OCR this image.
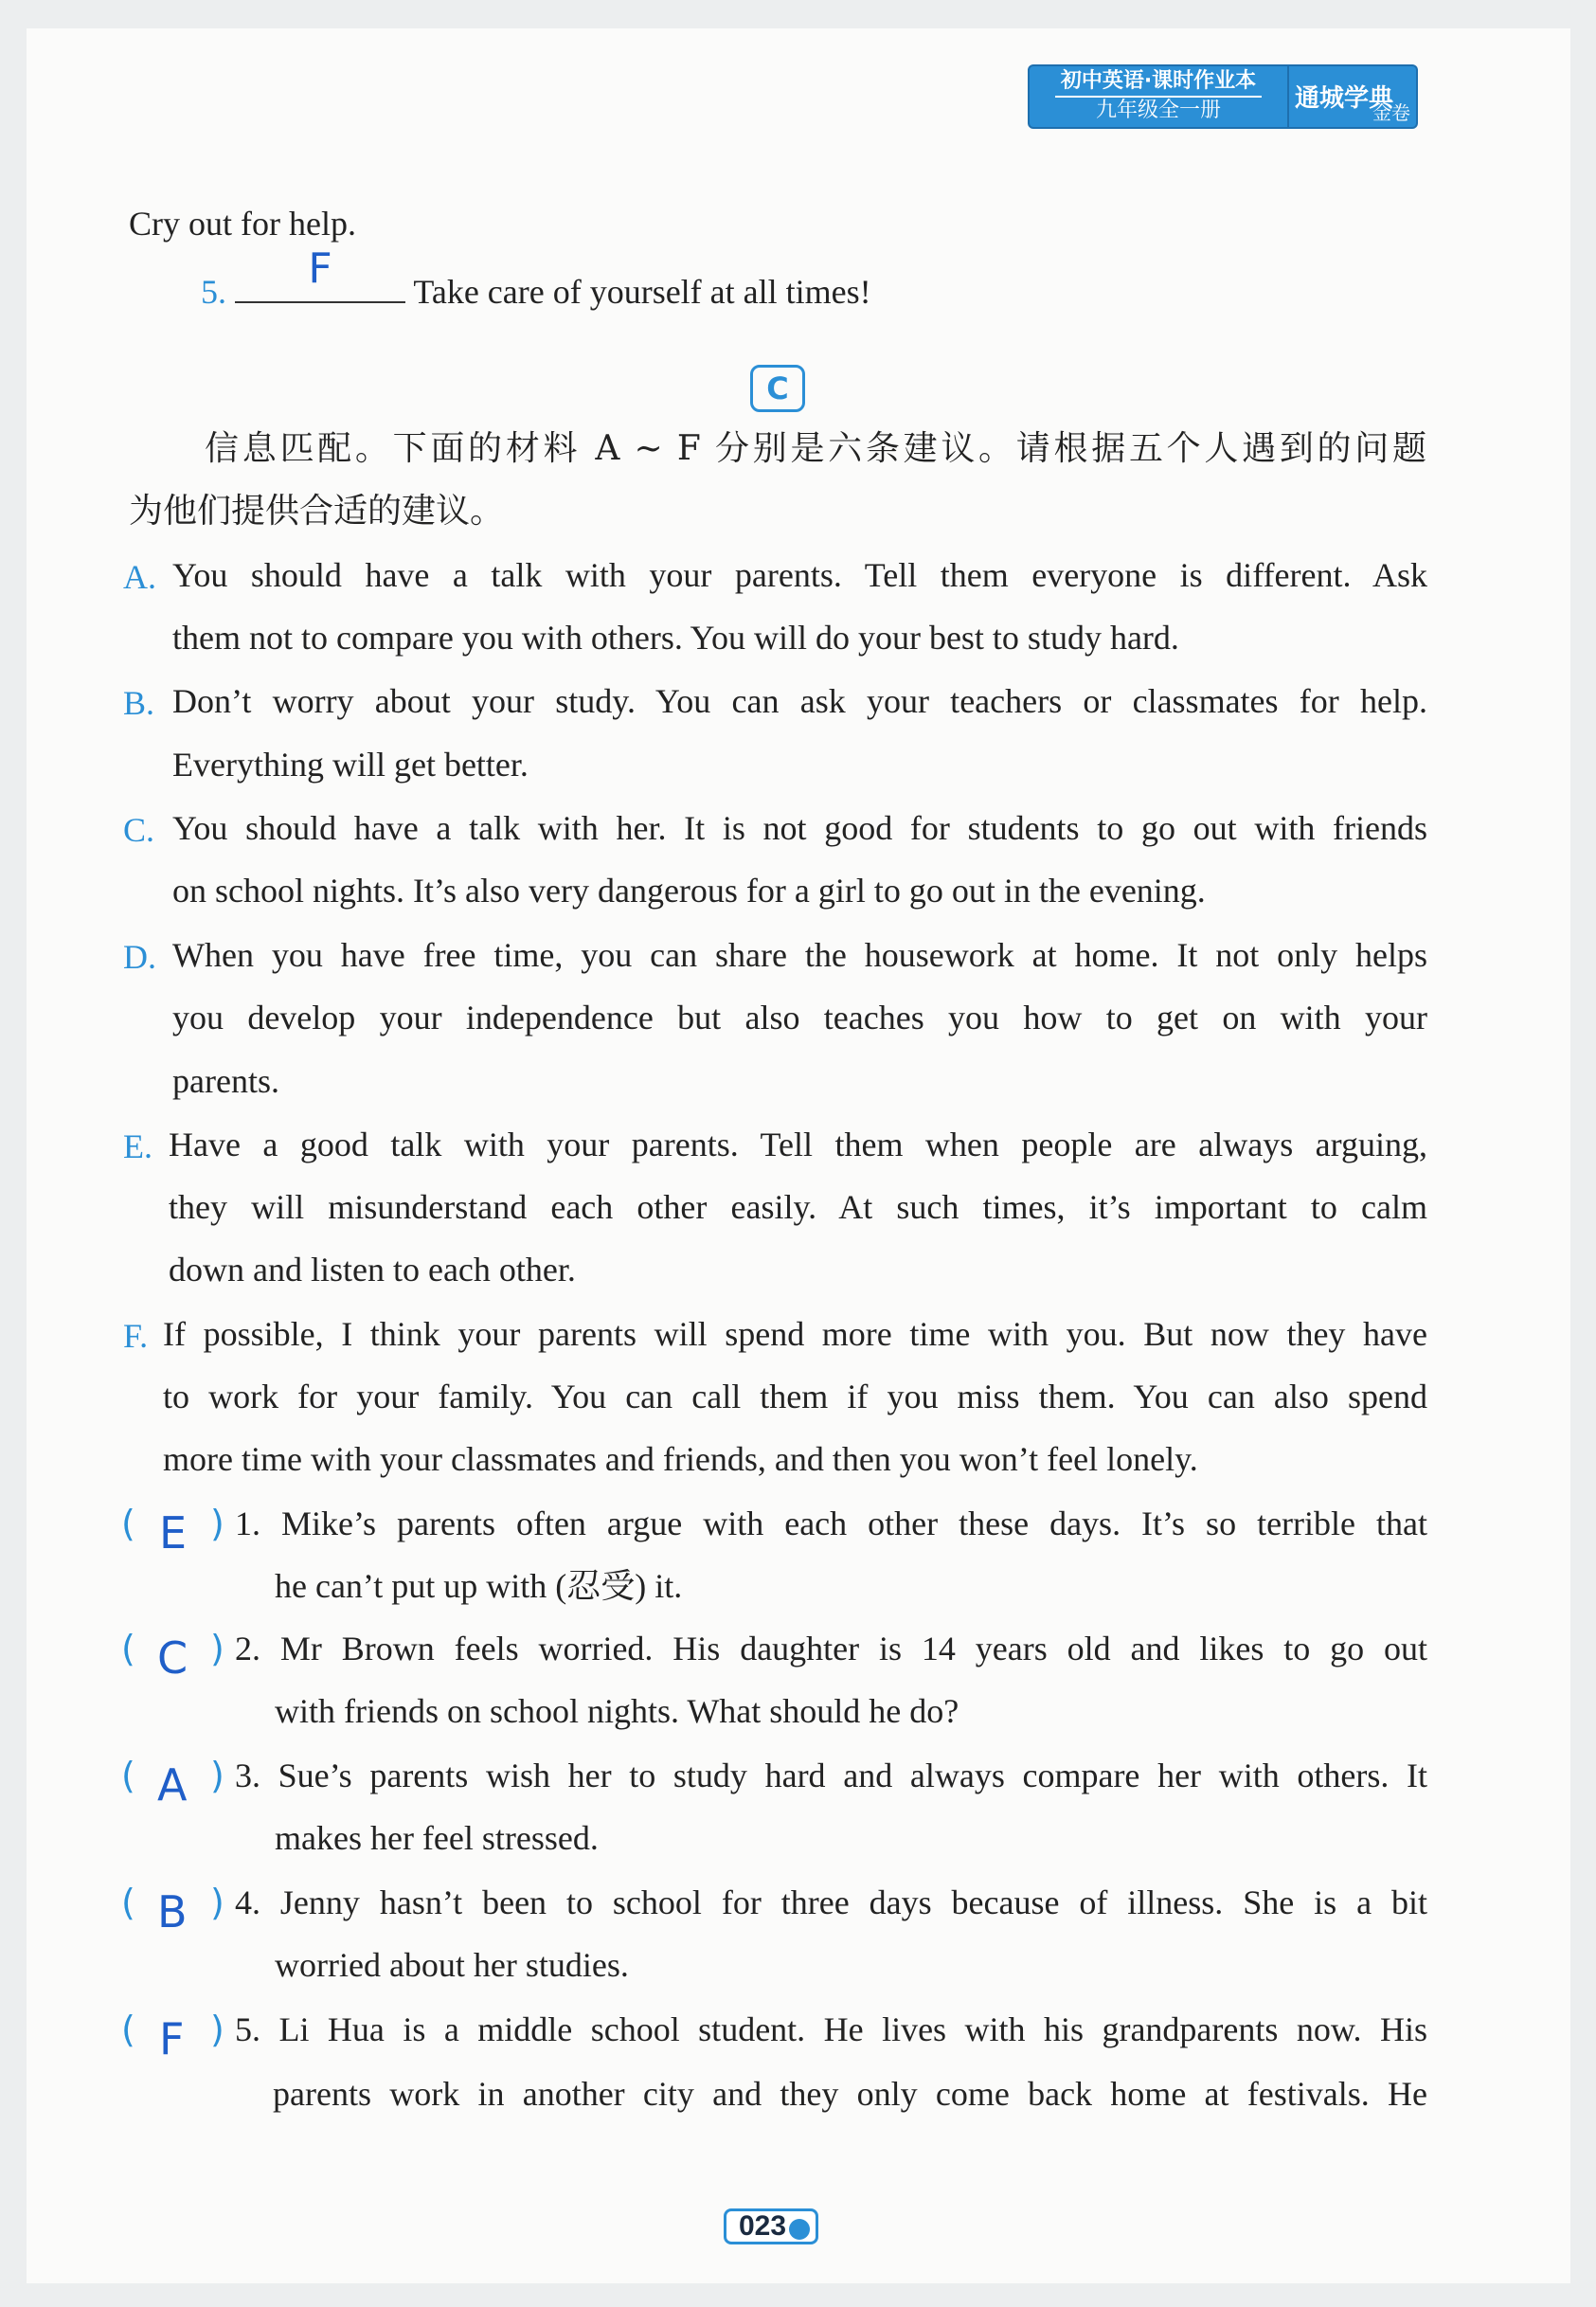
初中英语·课时作业本
九年级全一册	通城学典
金卷
Cry out for help.
5.	F	Take care of yourself at all times!
C
信息匹配。下面的材料 A ~ F 分别是六条建议。请根据五个人遇到的问题
为他们提供合适的建议。
A. You should have a talk with your parents. Tell them everyone is different. Ask
them not to compare you with others. You will do your best to study hard.
B. Don’t worry about your study. You can ask your teachers or classmates for help.
Everything will get better.
C. You should have a talk with her. It is not good for students to go out with friends
on school nights. It’s also very dangerous for a girl to go out in the evening.
D. When you have free time, you can share the housework at home. It not only helps
you develop your independence but also teaches you how to get on with your
parents.
E. Have a good talk with your parents. Tell them when people are always arguing,
they will misunderstand each other easily. At such times, it’s important to calm
down and listen to each other.
F. If possible, I think your parents will spend more time with you. But now they have
to work for your family. You can call them if you miss them. You can also spend
more time with your classmates and friends, and then you won’t feel lonely.
( E ) 1. Mike’s parents often argue with each other these days. It’s so terrible that
he can’t put up with (忍受) it.
( C ) 2. Mr Brown feels worried. His daughter is 14 years old and likes to go out
with friends on school nights. What should he do?
( A ) 3. Sue’s parents wish her to study hard and always compare her with others. It
makes her feel stressed.
( B ) 4. Jenny hasn’t been to school for three days because of illness. She is a bit
worried about her studies.
( F ) 5. Li Hua is a middle school student. He lives with his grandparents now. His
parents work in another city and they only come back home at festivals. He
023
